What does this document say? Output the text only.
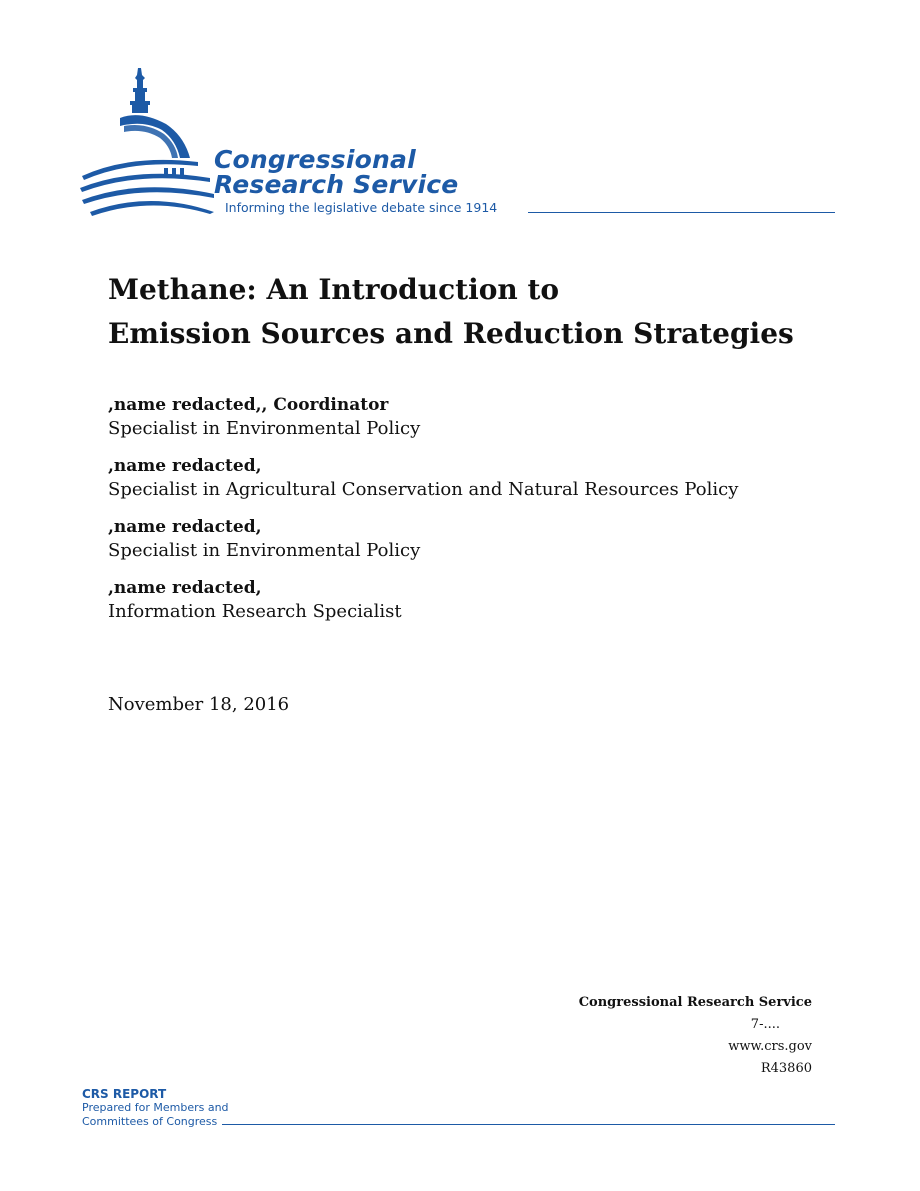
Congressional
Research Service
Informing the legislative debate since 1914
Methane: An Introduction to
Emission Sources and Reduction Strategies
,name redacted,, Coordinator
Specialist in Environmental Policy
,name redacted,
Specialist in Agricultural Conservation and Natural Resources Policy
,name redacted,
Specialist in Environmental Policy
,name redacted,
Information Research Specialist
November 18, 2016
Congressional Research Service
7-....
www.crs.gov
R43860
CRS REPORT
Prepared for Members and
Committees of Congress
